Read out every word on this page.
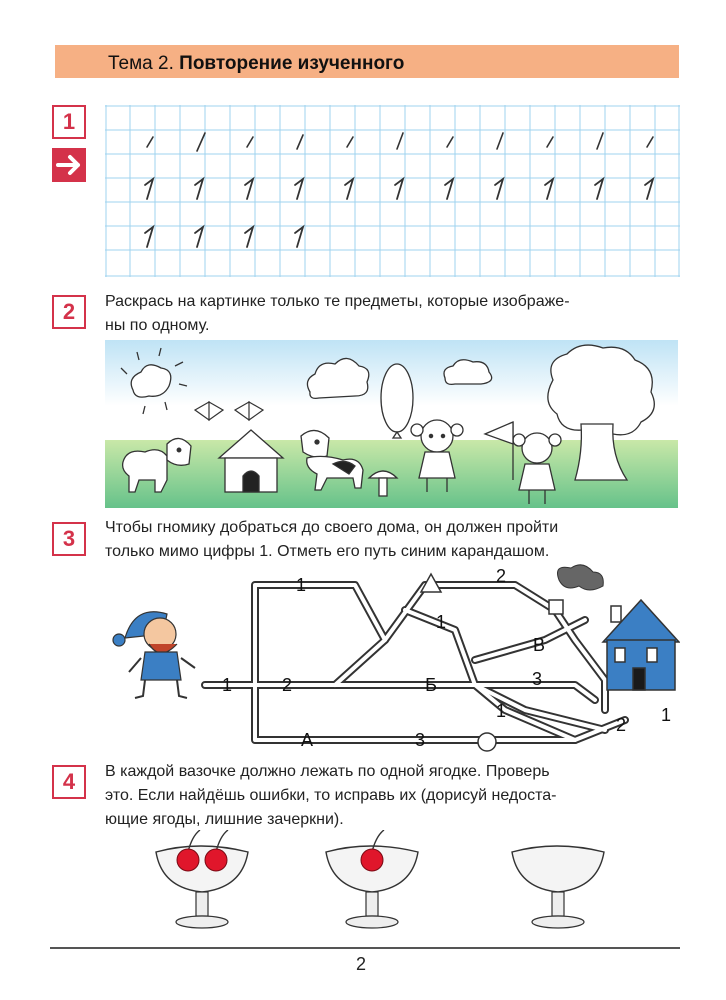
Тема 2. Повторение изученного
1
2	Раскрась на картинке только те предметы, которые изображе-
ны по одному.
3	Чтобы гномику добраться до своего дома, он должен пройти
только мимо цифры 1. Отметь его путь синим карандашом.
1	2
1	2
1
В
Б	3
А	3
1
2 1
4	В каждой вазочке должно лежать по одной ягодке. Проверь
это. Если найдёшь ошибки, то исправь их (дорисуй недоста-
ющие ягоды, лишние зачеркни).
2
